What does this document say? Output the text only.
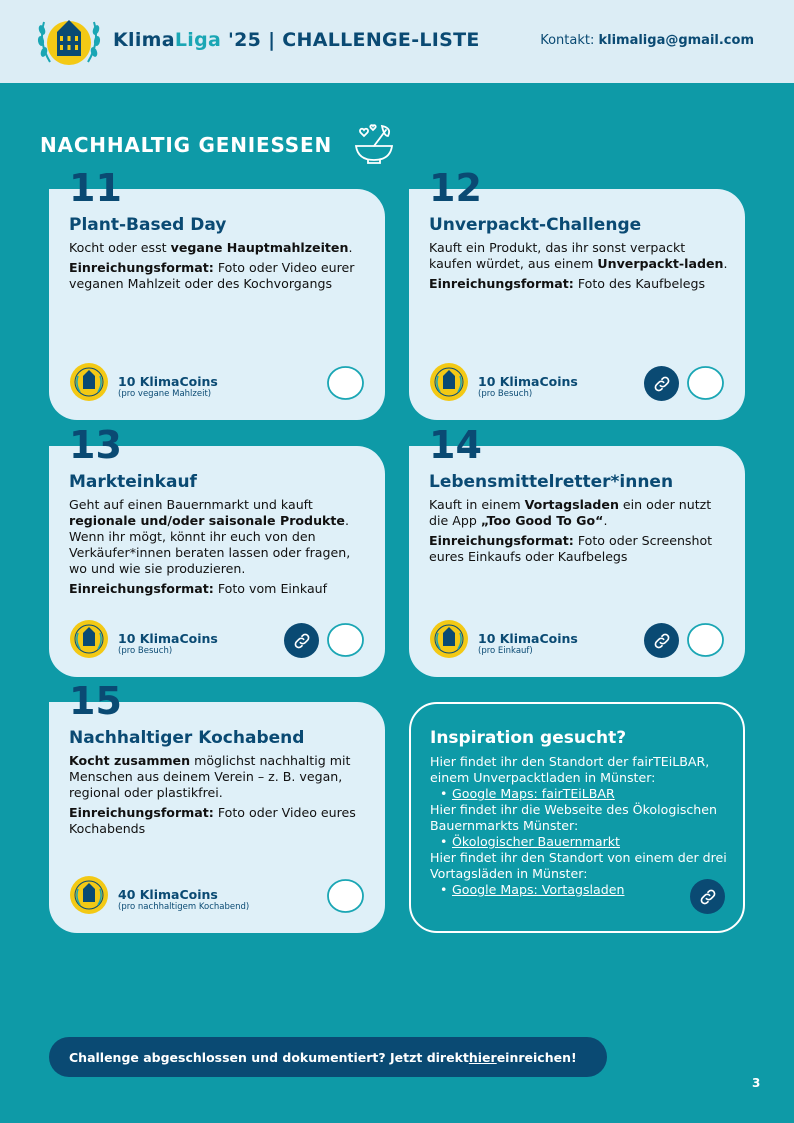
KlimaLiga '25 | CHALLENGE-LISTE	Kontakt: klimaliga@gmail.com
NACHHALTIG GENIESSEN
11
Plant-Based Day

Kocht oder esst vegane Hauptmahlzeiten.

Einreichungsformat: Foto oder Video eurer veganen Mahlzeit oder des Kochvorgangs

10 KlimaCoins
(pro vegane Mahlzeit)
12
Unverpackt-Challenge

Kauft ein Produkt, das ihr sonst verpackt kaufen würdet, aus einem Unverpackt-laden.

Einreichungsformat: Foto des Kaufbelegs

10 KlimaCoins
(pro Besuch)
13
Markteinkauf

Geht auf einen Bauernmarkt und kauft regionale und/oder saisonale Produkte. Wenn ihr mögt, könnt ihr euch von den Verkäufer*innen beraten lassen oder fragen, wo und wie sie produzieren.

Einreichungsformat: Foto vom Einkauf

10 KlimaCoins
(pro Besuch)
14
Lebensmittelretter*innen

Kauft in einem Vortagsladen ein oder nutzt die App „Too Good To Go“.

Einreichungsformat: Foto oder Screenshot eures Einkaufs oder Kaufbelegs

10 KlimaCoins
(pro Einkauf)
15
Nachhaltiger Kochabend

Kocht zusammen möglichst nachhaltig mit Menschen aus deinem Verein – z. B. vegan, regional oder plastikfrei.

Einreichungsformat: Foto oder Video eures Kochabends

40 KlimaCoins
(pro nachhaltigem Kochabend)
Inspiration gesucht?
Hier findet ihr den Standort der fairTEiLBAR, einem Unverpacktladen in Münster:
• Google Maps: fairTEiLBAR
Hier findet ihr die Webseite des Ökologischen Bauernmarkts Münster:
• Ökologischer Bauernmarkt
Hier findet ihr den Standort von einem der drei Vortagsläden in Münster:
• Google Maps: Vortagsladen
Challenge abgeschlossen und dokumentiert? Jetzt direkt hier einreichen!
3
